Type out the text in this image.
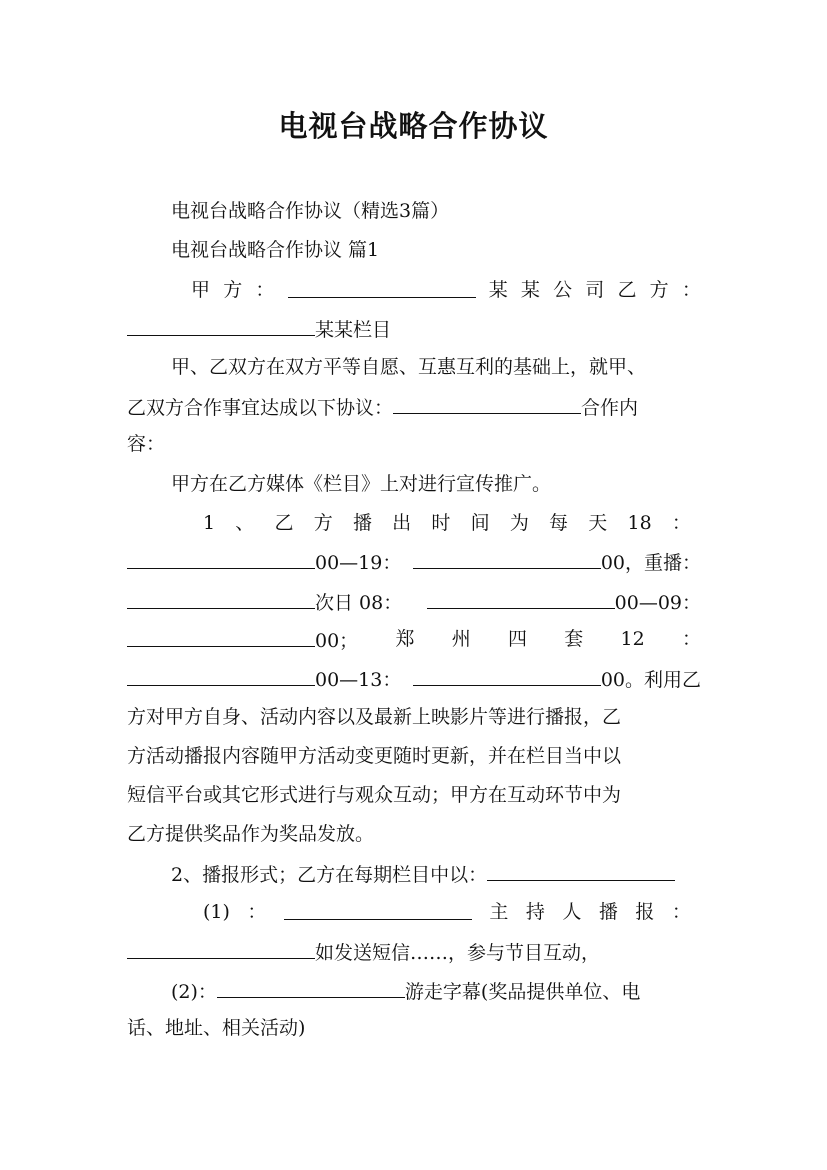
电视台战略合作协议
电视台战略合作协议（精选3篇）
电视台战略合作协议 篇1
甲 方 ：	某 某 公 司 乙 方 ：
某某栏目
甲、乙双方在双方平等自愿、互惠互利的基础上，就甲、
乙双方合作事宜达成以下协议：	合作内
容：
甲方在乙方媒体《栏目》上对进行宣传推广。
1 、 乙 方 播 出 时 间 为 每 天 18 ：
00—19：	00，重播：
次日 08：	00—09：
00； 郑 州 四 套 12 ：
00—13：	00。利用乙
方对甲方自身、活动内容以及最新上映影片等进行播报，乙
方活动播报内容随甲方活动变更随时更新，并在栏目当中以
短信平台或其它形式进行与观众互动；甲方在互动环节中为
乙方提供奖品作为奖品发放。
2、播报形式；乙方在每期栏目中以：
(1) ：	主 持 人 播 报 ：
如发送短信……，参与节目互动，
(2)：	游走字幕(奖品提供单位、电
话、地址、相关活动)
